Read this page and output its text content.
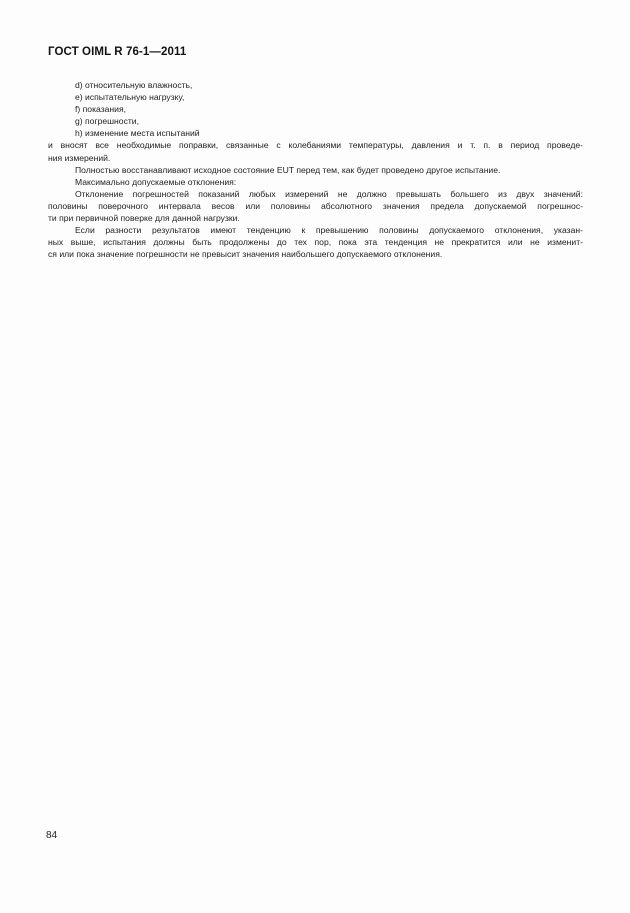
ГОСТ OIML R 76-1—2011
d) относительную влажность,
e) испытательную нагрузку,
f) показания,
g) погрешности,
h) изменение места испытаний
и вносят все необходимые поправки, связанные с колебаниями температуры, давления и т. п. в период проведе-
ния измерений.
Полностью восстанавливают исходное состояние EUT перед тем, как будет проведено другое испытание.
Максимально допускаемые отклонения:
Отклонение погрешностей показаний любых измерений не должно превышать большего из двух значений:
половины поверочного интервала весов или половины абсолютного значения предела допускаемой погрешнос-
ти при первичной поверке для данной нагрузки.
Если разности результатов имеют тенденцию к превышению половины допускаемого отклонения, указан-
ных выше, испытания должны быть продолжены до тех пор, пока эта тенденция не прекратится или не изменит-
ся или пока значение погрешности не превысит значения наибольшего допускаемого отклонения.
84
